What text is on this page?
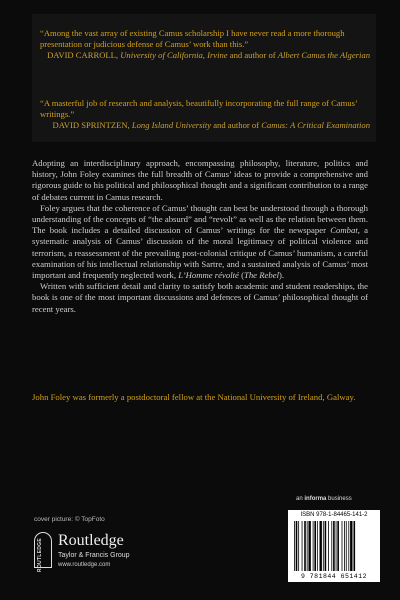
“Among the vast array of existing Camus scholarship I have never read a more thorough presentation or judicious defense of Camus’ work than this.”
DAVID CARROLL, University of California, Irvine and author of Albert Camus the Algerian
“A masterful job of research and analysis, beautifully incorporating the full range of Camus’ writings.”
DAVID SPRINTZEN, Long Island University and author of Camus: A Critical Examination

Adopting an interdisciplinary approach, encompassing philosophy, literature, politics and history, John Foley examines the full breadth of Camus’ ideas to provide a comprehensive and rigorous guide to his political and philosophical thought and a significant contribution to a range of debates current in Camus research.

Foley argues that the coherence of Camus’ thought can best be understood through a thorough understanding of the concepts of “the absurd” and “revolt” as well as the relation between them. The book includes a detailed discussion of Camus’ writings for the newspaper Combat, a systematic analysis of Camus’ discussion of the moral legitimacy of political violence and terrorism, a reassessment of the prevailing post-colonial critique of Camus’ humanism, a careful examination of his intellectual relationship with Sartre, and a sustained analysis of Camus’ most important and frequently neglected work, L’Homme révolté (The Rebel).

Written with sufficient detail and clarity to satisfy both academic and student readerships, the book is one of the most important discussions and defences of Camus’ philosophical thought of recent years.

John Foley was formerly a postdoctoral fellow at the National University of Ireland, Galway.
an informa business
cover picture: © TopFoto
ROUTLEDGE Routledge
Taylor & Francis Group
www.routledge.com
ISBN 978-1-84465-141-2
9 781844 651412
